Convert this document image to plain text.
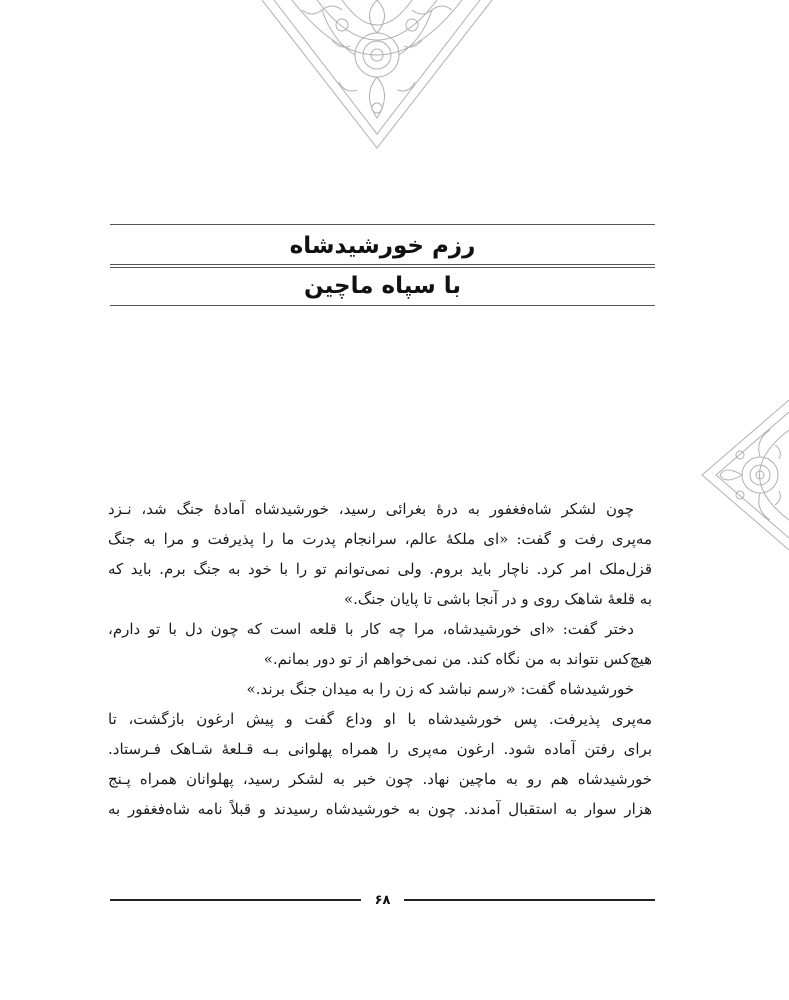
رزم خورشیدشاه
با سپاه ماچین
چون لشکر شاه‌فغفور به درهٔ بغرائی رسید، خورشیدشاه آمادهٔ جنگ شد، نـزد
مه‌پری رفت و گفت: «ای ملکهٔ عالم، سرانجام پدرت ما را پذیرفت و مرا به جنگ
قزل‌ملک امر کرد. ناچار باید بروم. ولی نمی‌توانم تو را با خود به جنگ برم. باید که
به قلعهٔ شاهک روی و در آنجا باشی تا پایان جنگ.»
دختر گفت: «ای خورشیدشاه، مرا چه کار با قلعه است که چون دل با تو دارم،
هیچ‌کس نتواند به من نگاه کند. من نمی‌خواهم از تو دور بمانم.»
خورشیدشاه گفت: «رسم نباشد که زن را به میدان جنگ برند.»
مه‌پری پذیرفت. پس خورشیدشاه با او وداع گفت و پیش ارغون بازگشت، تا
برای رفتن آماده شود. ارغون مه‌پری را همراه پهلوانی بـه قـلعهٔ شـاهک فـرستاد.
خورشیدشاه هم رو به ماچین نهاد. چون خبر به لشکر رسید، پهلوانان همراه پـنج
هزار سوار به استقبال آمدند. چون به خورشیدشاه رسیدند و قبلاً نامه شاه‌فغفور به
۶۸
